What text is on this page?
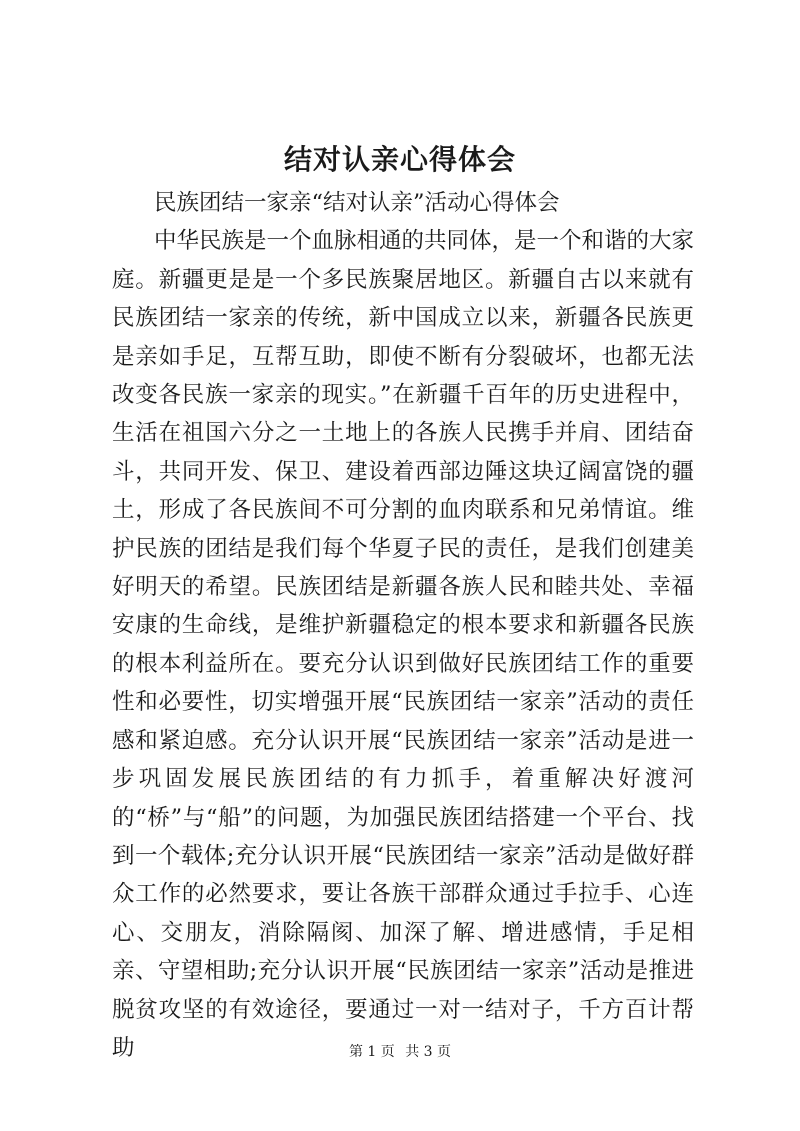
结对认亲心得体会

民族团结一家亲“结对认亲”活动心得体会

中华民族是一个血脉相通的共同体，是一个和谐的大家庭。新疆更是是一个多民族聚居地区。新疆自古以来就有民族团结一家亲的传统，新中国成立以来，新疆各民族更是亲如手足，互帮互助，即使不断有分裂破坏，也都无法改变各民族一家亲的现实。”在新疆千百年的历史进程中，生活在祖国六分之一土地上的各族人民携手并肩、团结奋斗，共同开发、保卫、建设着西部边陲这块辽阔富饶的疆土，形成了各民族间不可分割的血肉联系和兄弟情谊。维护民族的团结是我们每个华夏子民的责任，是我们创建美好明天的希望。民族团结是新疆各族人民和睦共处、幸福安康的生命线，是维护新疆稳定的根本要求和新疆各民族的根本利益所在。要充分认识到做好民族团结工作的重要性和必要性，切实增强开展“民族团结一家亲”活动的责任感和紧迫感。充分认识开展“民族团结一家亲”活动是进一步巩固发展民族团结的有力抓手，着重解决好渡河的“桥”与“船”的问题，为加强民族团结搭建一个平台、找到一个载体;充分认识开展“民族团结一家亲”活动是做好群众工作的必然要求，要让各族干部群众通过手拉手、心连心、交朋友，消除隔阂、加深了解、增进感情，手足相亲、守望相助;充分认识开展“民族团结一家亲”活动是推进脱贫攻坚的有效途径，要通过一对一结对子，千方百计帮助	第 1 页 共 3 页
